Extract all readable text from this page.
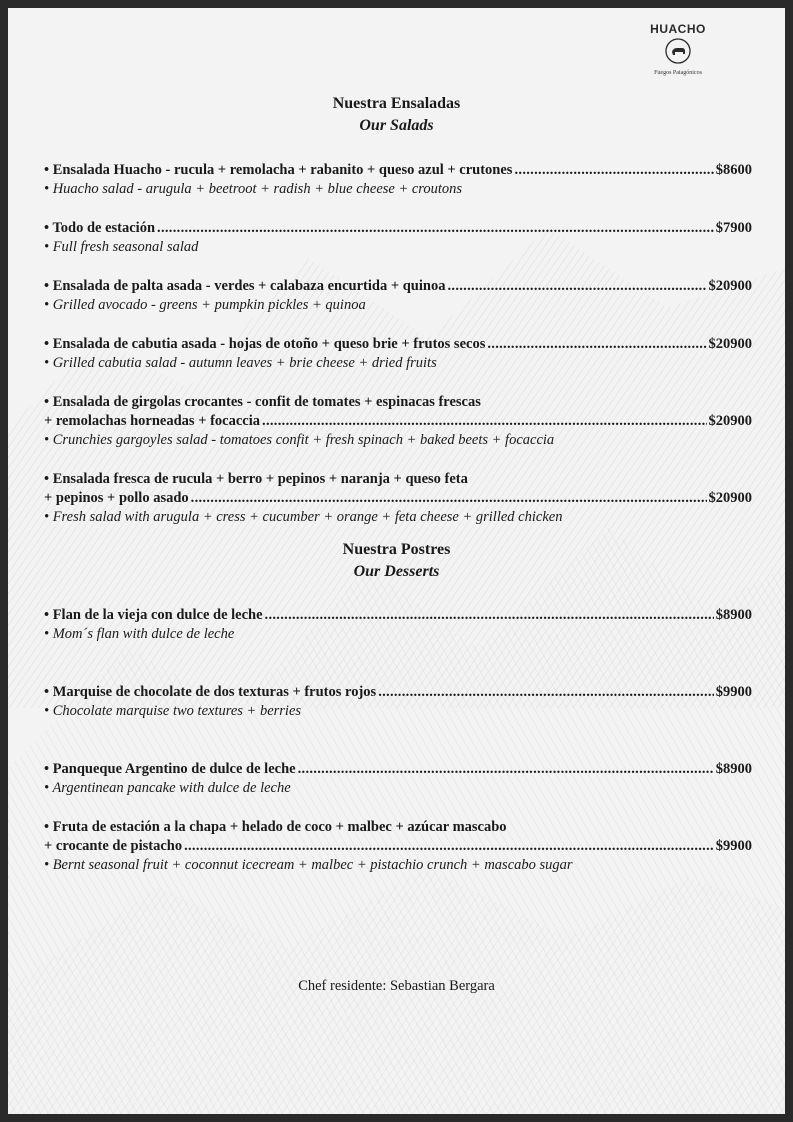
HUACHO
Fuegos Patagónicos
Nuestra Ensaladas
Our Salads
• Ensalada Huacho - rucula + remolacha + rabanito + queso azul + crutones .....	$8600
• Huacho salad - arugula + beetroot + radish + blue cheese + croutons
• Todo de estación .....	$7900
• Full fresh seasonal salad
• Ensalada de palta asada - verdes + calabaza encurtida + quinoa .....	$20900
• Grilled avocado - greens + pumpkin pickles + quinoa
• Ensalada de cabutia asada - hojas de otoño + queso brie + frutos secos .....	$20900
• Grilled cabutia salad - autumn leaves + brie cheese + dried fruits
• Ensalada de girgolas crocantes - confit de tomates + espinacas frescas
+ remolachas horneadas + focaccia .....	$20900
• Crunchies gargoyles salad - tomatoes confit + fresh spinach + baked beets + focaccia
• Ensalada fresca de rucula + berro + pepinos + naranja + queso feta
+ pepinos + pollo asado .....	$20900
• Fresh salad with arugula + cress + cucumber + orange + feta cheese + grilled chicken
Nuestra Postres
Our Desserts
• Flan de la vieja con dulce de leche .....	$8900
• Mom´s flan with dulce de leche
• Marquise de chocolate de dos texturas + frutos rojos .....	$9900
• Chocolate marquise two textures + berries
• Panqueque Argentino de dulce de leche .....	$8900
• Argentinean pancake with dulce de leche
• Fruta de estación a la chapa + helado de coco + malbec + azúcar mascabo
+ crocante de pistacho .....	$9900
• Bernt seasonal fruit + coconnut icecream + malbec + pistachio crunch + mascabo sugar
Chef residente: Sebastian Bergara
